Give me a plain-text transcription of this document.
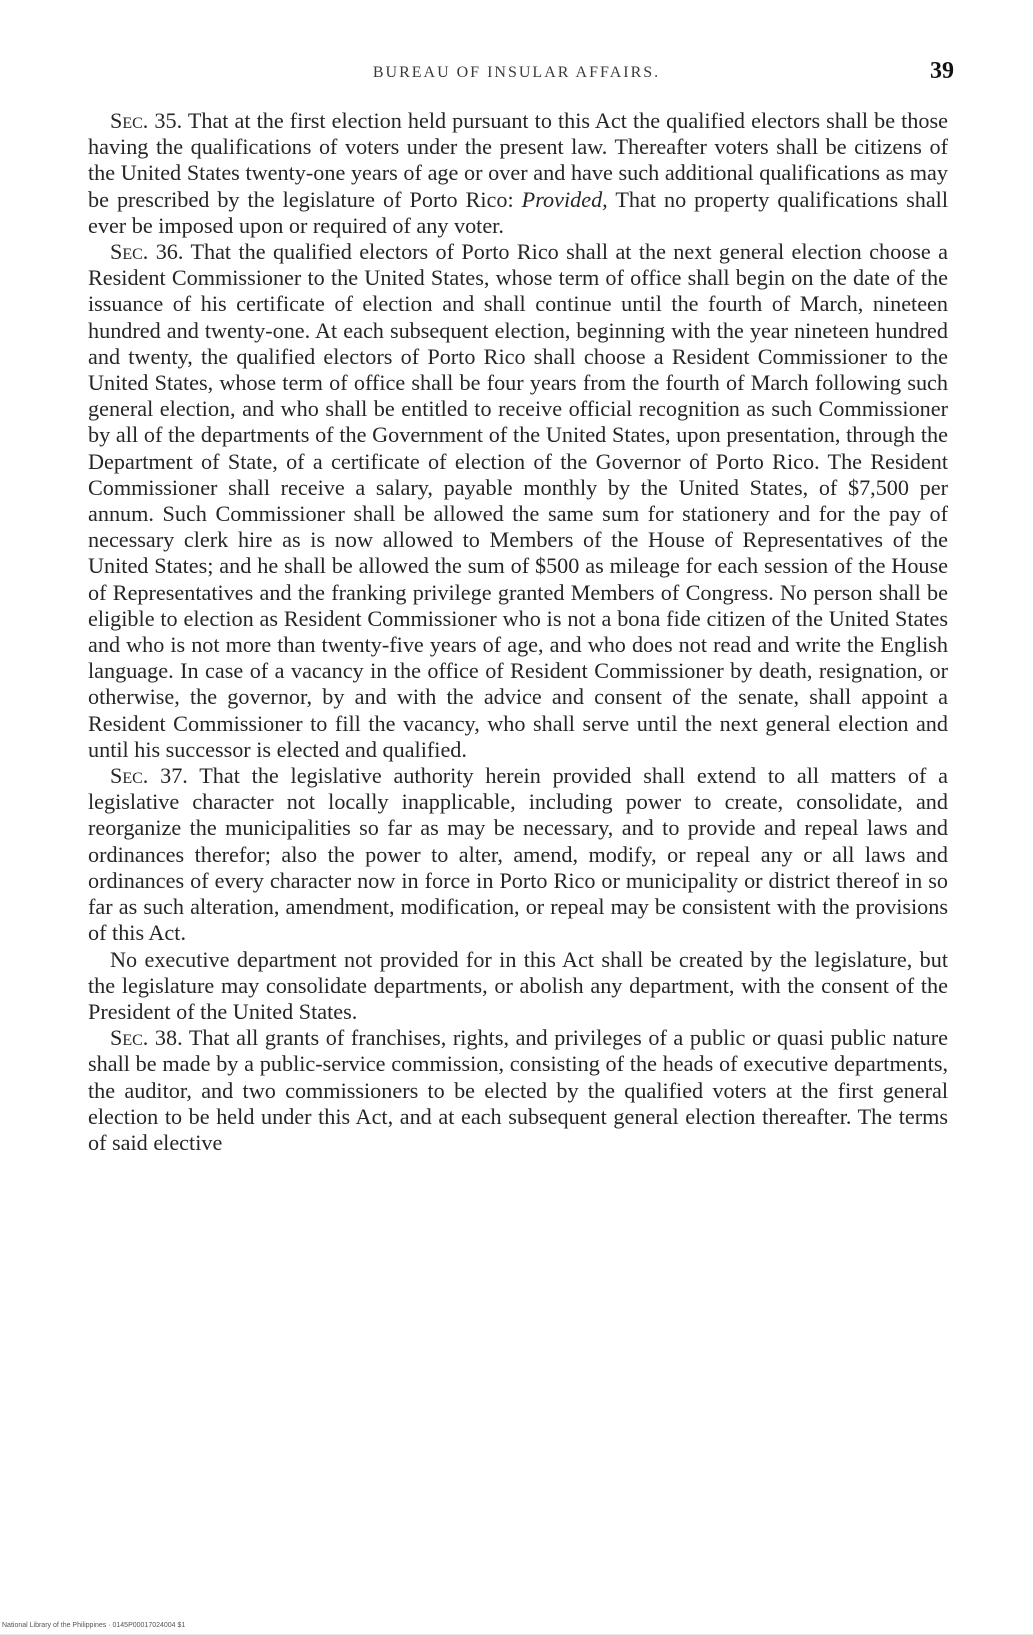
BUREAU OF INSULAR AFFAIRS.	39

Sec. 35. That at the first election held pursuant to this Act the qualified electors shall be those having the qualifications of voters under the present law. Thereafter voters shall be citizens of the United States twenty-one years of age or over and have such additional qualifications as may be prescribed by the legislature of Porto Rico: Provided, That no property qualifications shall ever be imposed upon or required of any voter.

Sec. 36. That the qualified electors of Porto Rico shall at the next general election choose a Resident Commissioner to the United States, whose term of office shall begin on the date of the issuance of his certificate of election and shall continue until the fourth of March, nineteen hundred and twenty-one. At each subsequent election, beginning with the year nineteen hundred and twenty, the qualified electors of Porto Rico shall choose a Resident Commissioner to the United States, whose term of office shall be four years from the fourth of March following such general election, and who shall be entitled to receive official recognition as such Commissioner by all of the departments of the Government of the United States, upon presentation, through the Department of State, of a certificate of election of the Governor of Porto Rico. The Resident Commissioner shall receive a salary, payable monthly by the United States, of $7,500 per annum. Such Commissioner shall be allowed the same sum for stationery and for the pay of necessary clerk hire as is now allowed to Members of the House of Representatives of the United States; and he shall be allowed the sum of $500 as mileage for each session of the House of Representatives and the franking privilege granted Members of Congress. No person shall be eligible to election as Resident Commissioner who is not a bona fide citizen of the United States and who is not more than twenty-five years of age, and who does not read and write the English language. In case of a vacancy in the office of Resident Commissioner by death, resignation, or otherwise, the governor, by and with the advice and consent of the senate, shall appoint a Resident Commissioner to fill the vacancy, who shall serve until the next general election and until his successor is elected and qualified.

Sec. 37. That the legislative authority herein provided shall extend to all matters of a legislative character not locally inapplicable, including power to create, consolidate, and reorganize the municipalities so far as may be necessary, and to provide and repeal laws and ordinances therefor; also the power to alter, amend, modify, or repeal any or all laws and ordinances of every character now in force in Porto Rico or municipality or district thereof in so far as such alteration, amendment, modification, or repeal may be consistent with the provisions of this Act.

No executive department not provided for in this Act shall be created by the legislature, but the legislature may consolidate departments, or abolish any department, with the consent of the President of the United States.

Sec. 38. That all grants of franchises, rights, and privileges of a public or quasi public nature shall be made by a public-service commission, consisting of the heads of executive departments, the auditor, and two commissioners to be elected by the qualified voters at the first general election to be held under this Act, and at each subsequent general election thereafter. The terms of said elective

National Library of the Philippines · 0145P00017024004 $1
